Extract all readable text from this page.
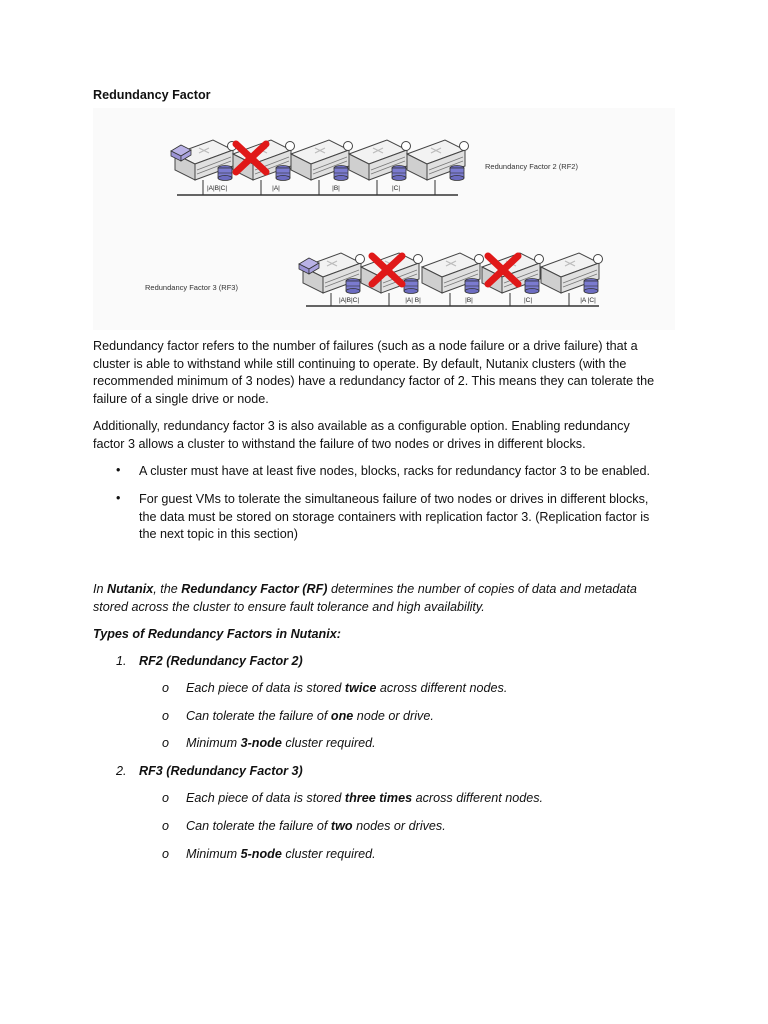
Redundancy Factor
|A|B|C|	|A|	|B|	|C|
Redundancy Factor 2 (RF2)
|A|B|C|	|A| B|	|B|	|C|	|A |C|
Redundancy Factor 3 (RF3)
Redundancy factor refers to the number of failures (such as a node failure or a drive failure) that a
cluster is able to withstand while still continuing to operate. By default, Nutanix clusters (with the
recommended minimum of 3 nodes) have a redundancy factor of 2. This means they can tolerate the
failure of a single drive or node.
Additionally, redundancy factor 3 is also available as a configurable option. Enabling redundancy
factor 3 allows a cluster to withstand the failure of two nodes or drives in different blocks.
• A cluster must have at least five nodes, blocks, racks for redundancy factor 3 to be enabled.
• For guest VMs to tolerate the simultaneous failure of two nodes or drives in different blocks,
the data must be stored on storage containers with replication factor 3. (Replication factor is
the next topic in this section)
In Nutanix, the Redundancy Factor (RF) determines the number of copies of data and metadata
stored across the cluster to ensure fault tolerance and high availability.
Types of Redundancy Factors in Nutanix:
1. RF2 (Redundancy Factor 2)
o Each piece of data is stored twice across different nodes.
o Can tolerate the failure of one node or drive.
o Minimum 3-node cluster required.
2. RF3 (Redundancy Factor 3)
o Each piece of data is stored three times across different nodes.
o Can tolerate the failure of two nodes or drives.
o Minimum 5-node cluster required.
